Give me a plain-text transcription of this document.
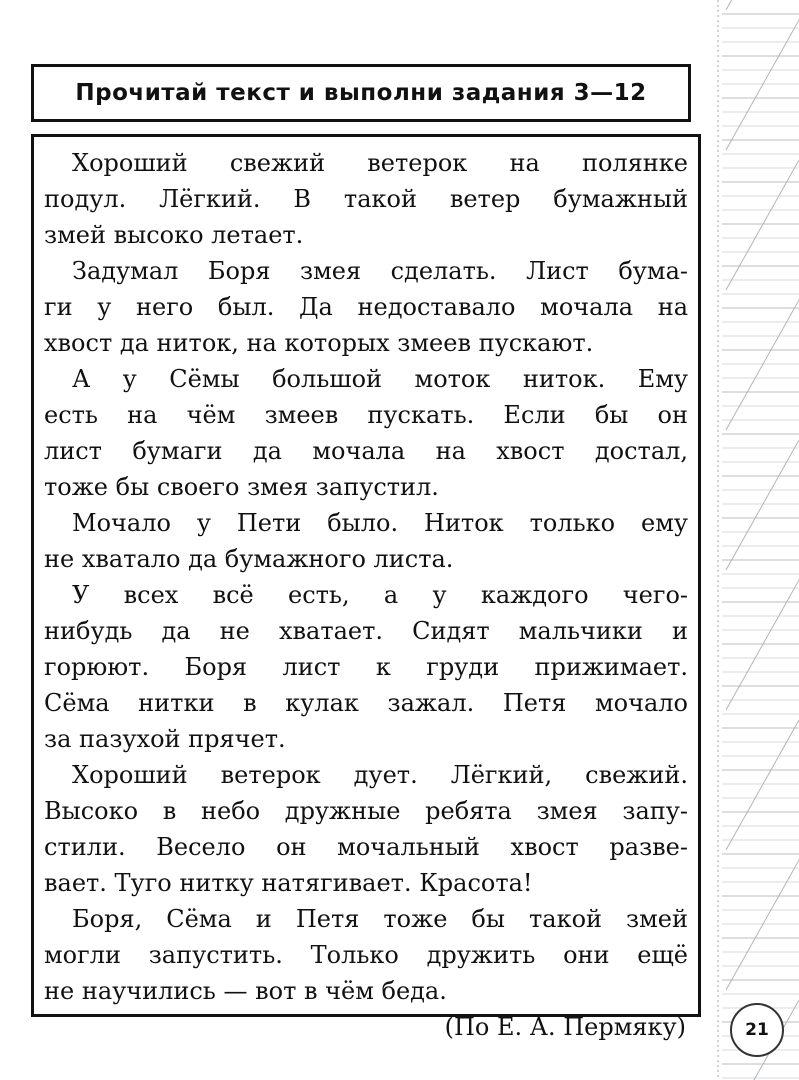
Прочитай текст и выполни задания 3—12
Хороший свежий ветерок на полянке
подул. Лёгкий. В такой ветер бумажный
змей высоко летает.
Задумал Боря змея сделать. Лист бума-
ги у него был. Да недоставало мочала на
хвост да ниток, на которых змеев пускают.
А у Сёмы большой моток ниток. Ему
есть на чём змеев пускать. Если бы он
лист бумаги да мочала на хвост достал,
тоже бы своего змея запустил.
Мочало у Пети было. Ниток только ему
не хватало да бумажного листа.
У всех всё есть, а у каждого чего-
нибудь да не хватает. Сидят мальчики и
горюют. Боря лист к груди прижимает.
Сёма нитки в кулак зажал. Петя мочало
за пазухой прячет.
Хороший ветерок дует. Лёгкий, свежий.
Высоко в небо дружные ребята змея запу-
стили. Весело он мочальный хвост разве-
вает. Туго нитку натягивает. Красота!
Боря, Сёма и Петя тоже бы такой змей
могли запустить. Только дружить они ещё
не научились — вот в чём беда.
(По Е. А. Пермяку)	21
